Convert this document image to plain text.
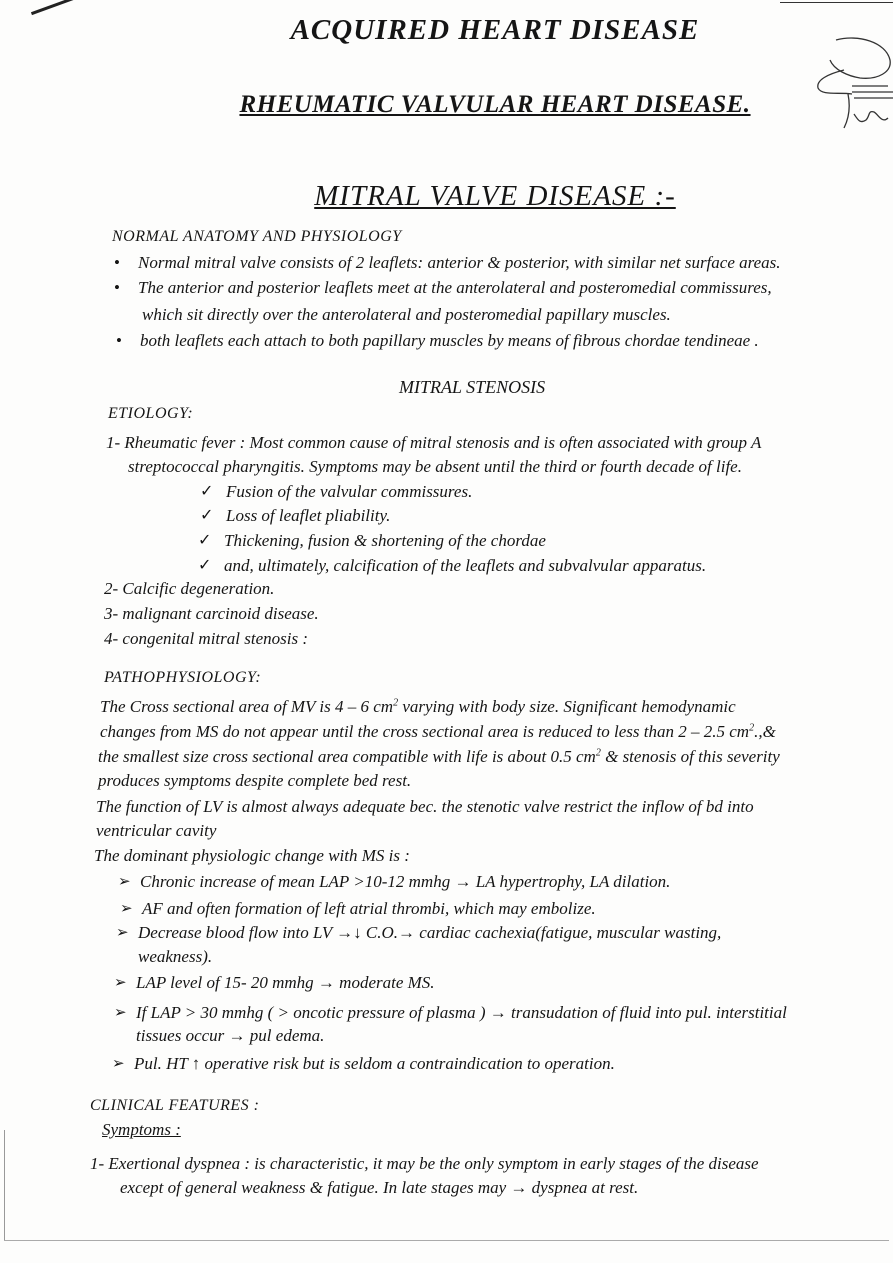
ACQUIRED HEART DISEASE
RHEUMATIC VALVULAR HEART DISEASE.
MITRAL VALVE DISEASE :-
NORMAL ANATOMY AND PHYSIOLOGY
• Normal mitral valve consists of 2 leaflets: anterior & posterior, with similar net surface areas.
• The anterior and posterior leaflets meet at the anterolateral and posteromedial commissures,
which sit directly over the anterolateral and posteromedial papillary muscles.
• both leaflets each attach to both papillary muscles by means of fibrous chordae tendineae .
MITRAL STENOSIS
ETIOLOGY:
1- Rheumatic fever : Most common cause of mitral stenosis and is often associated with group A
streptococcal pharyngitis. Symptoms may be absent until the third or fourth decade of life.
✓ Fusion of the valvular commissures.
✓ Loss of leaflet pliability.
✓ Thickening, fusion & shortening of the chordae
✓ and, ultimately, calcification of the leaflets and subvalvular apparatus.
2- Calcific degeneration.
3- malignant carcinoid disease.
4- congenital mitral stenosis :
PATHOPHYSIOLOGY:
The Cross sectional area of MV is 4 – 6 $cm^2$ varying with body size. Significant hemodynamic
changes from MS do not appear until the cross sectional area is reduced to less than 2 – 2.5 $cm^2.,\&$
the smallest size cross sectional area compatible with life is about 0.5 $cm^2$ & stenosis of this severity
produces symptoms despite complete bed rest.
The function of LV is almost always adequate bec. the stenotic valve restrict the inflow of bd into
ventricular cavity
The dominant physiologic change with MS is :
➢ Chronic increase of mean LAP >10-12 mmhg → LA hypertrophy, LA dilation.
➢ AF and often formation of left atrial thrombi, which may embolize.
➢ Decrease blood flow into LV →↓ C.O.→ cardiac cachexia(fatigue, muscular wasting,
weakness).
➢ LAP level of 15- 20 mmhg → moderate MS.
➢ If LAP > 30 mmhg ( > oncotic pressure of plasma ) → transudation of fluid into pul. interstitial
tissues occur → pul edema.
➢ Pul. HT ↑ operative risk but is seldom a contraindication to operation.
CLINICAL FEATURES :
Symptoms :
1- Exertional dyspnea : is characteristic, it may be the only symptom in early stages of the disease
except of general weakness & fatigue. In late stages may → dyspnea at rest.
